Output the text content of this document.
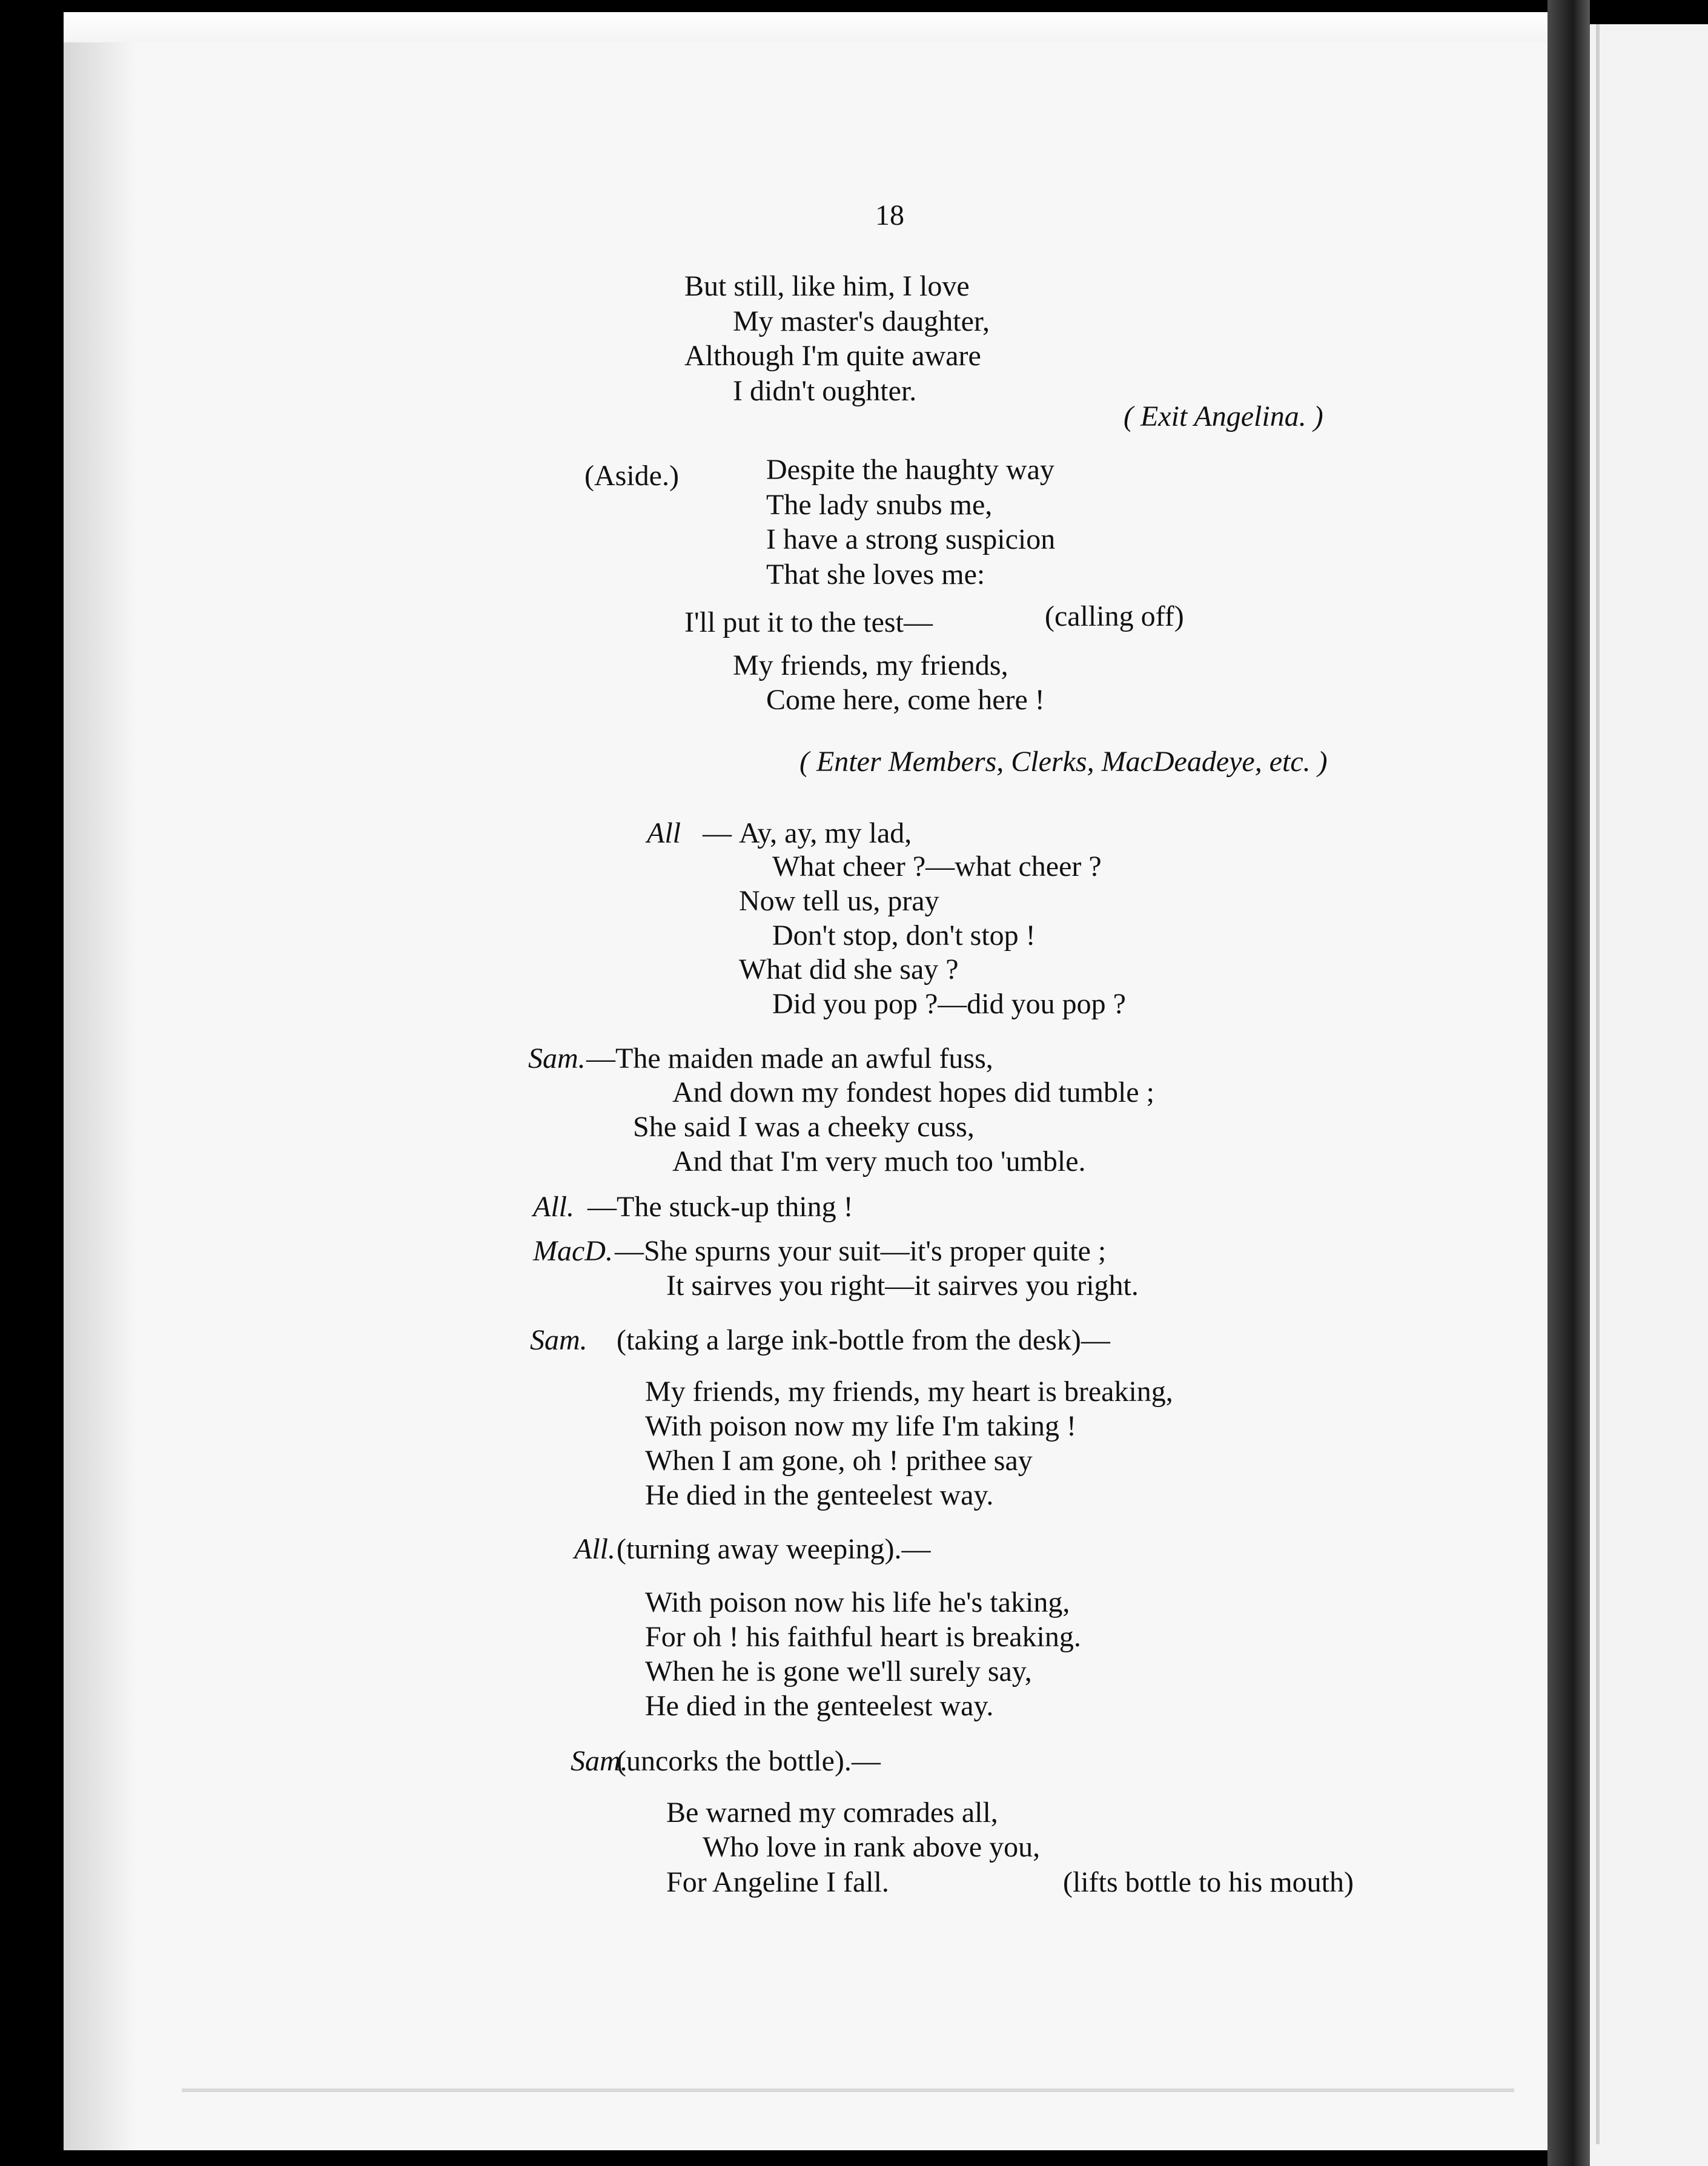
18
But still, like him, I love
My master's daughter,
Although I'm quite aware
I didn't oughter.
( Exit Angelina. )
(Aside.)	Despite the haughty way
The lady snubs me,
I have a strong suspicion
That she loves me:
I'll put it to the test—	(calling off)
My friends, my friends,
Come here, come here !
( Enter Members, Clerks, MacDeadeye, etc. )
All — Ay, ay, my lad,
What cheer ?—what cheer ?
Now tell us, pray
Don't stop, don't stop !
What did she say ?
Did you pop ?—did you pop ?
Sam. —The maiden made an awful fuss,
And down my fondest hopes did tumble ;
She said I was a cheeky cuss,
And that I'm very much too 'umble.
All. —The stuck-up thing !
MacD. —She spurns your suit—it's proper quite ;
It sairves you right—it sairves you right.
Sam. (taking a large ink-bottle from the desk)—
My friends, my friends, my heart is breaking,
With poison now my life I'm taking !
When I am gone, oh ! prithee say
He died in the genteelest way.
All. (turning away weeping).—
With poison now his life he's taking,
For oh ! his faithful heart is breaking.
When he is gone we'll surely say,
He died in the genteelest way.
Sam.
(uncorks the bottle).—
Be warned my comrades all,
Who love in rank above you,
For Angeline I fall.	(lifts bottle to his mouth)
